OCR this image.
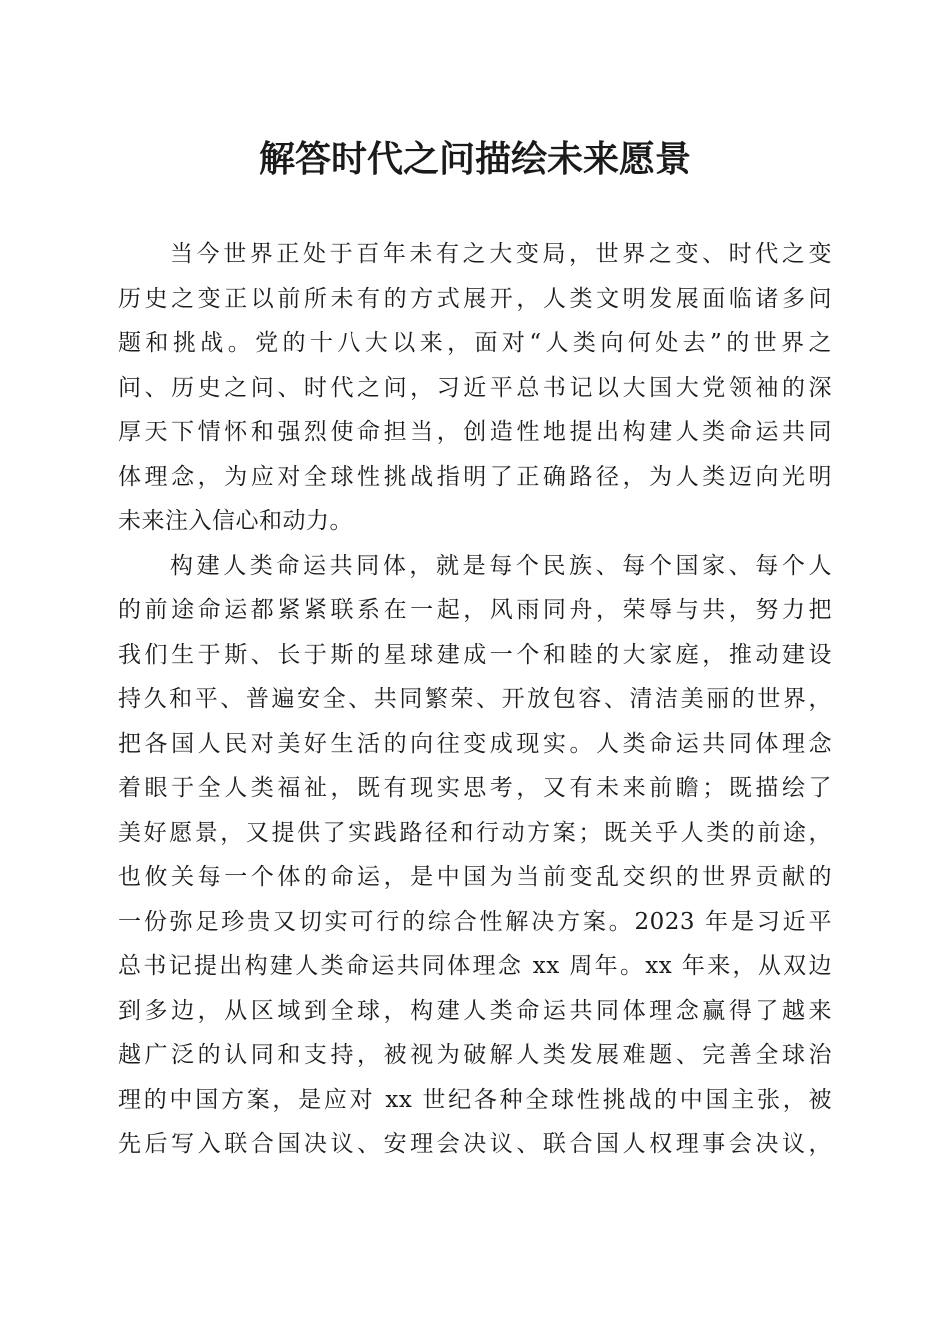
解答时代之问描绘未来愿景
当今世界正处于百年未有之大变局，世界之变、时代之变
历史之变正以前所未有的方式展开，人类文明发展面临诸多问
题和挑战。党的十八大以来，面对“人类向何处去”的世界之
问、历史之问、时代之问，习近平总书记以大国大党领袖的深
厚天下情怀和强烈使命担当，创造性地提出构建人类命运共同
体理念，为应对全球性挑战指明了正确路径，为人类迈向光明
未来注入信心和动力。
构建人类命运共同体，就是每个民族、每个国家、每个人
的前途命运都紧紧联系在一起，风雨同舟，荣辱与共，努力把
我们生于斯、长于斯的星球建成一个和睦的大家庭，推动建设
持久和平、普遍安全、共同繁荣、开放包容、清洁美丽的世界，
把各国人民对美好生活的向往变成现实。人类命运共同体理念
着眼于全人类福祉，既有现实思考，又有未来前瞻；既描绘了
美好愿景，又提供了实践路径和行动方案；既关乎人类的前途，
也攸关每一个体的命运，是中国为当前变乱交织的世界贡献的
一份弥足珍贵又切实可行的综合性解决方案。2023 年是习近平
总书记提出构建人类命运共同体理念 xx 周年。xx 年来，从双边
到多边，从区域到全球，构建人类命运共同体理念赢得了越来
越广泛的认同和支持，被视为破解人类发展难题、完善全球治
理的中国方案，是应对 xx 世纪各种全球性挑战的中国主张，被
先后写入联合国决议、安理会决议、联合国人权理事会决议，
